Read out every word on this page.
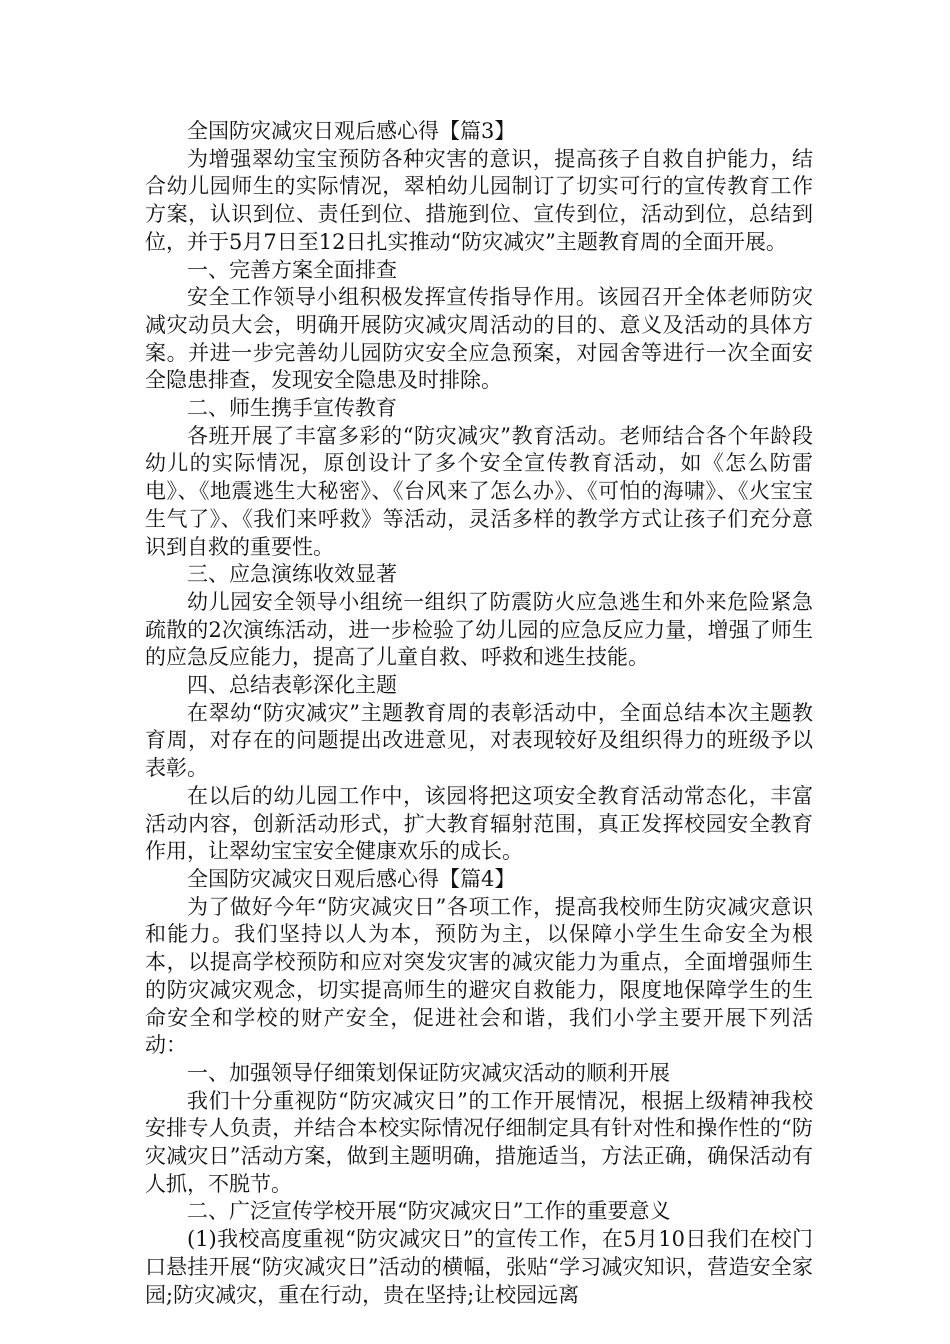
全国防灾减灾日观后感心得【篇3】

为增强翠幼宝宝预防各种灾害的意识，提高孩子自救自护能力，结合幼儿园师生的实际情况，翠柏幼儿园制订了切实可行的宣传教育工作方案，认识到位、责任到位、措施到位、宣传到位，活动到位，总结到位，并于5月7日至12日扎实推动“防灾减灾”主题教育周的全面开展。

一、完善方案全面排查

安全工作领导小组积极发挥宣传指导作用。该园召开全体老师防灾减灾动员大会，明确开展防灾减灾周活动的目的、意义及活动的具体方案。并进一步完善幼儿园防灾安全应急预案，对园舍等进行一次全面安全隐患排查，发现安全隐患及时排除。

二、师生携手宣传教育

各班开展了丰富多彩的“防灾减灾”教育活动。老师结合各个年龄段幼儿的实际情况，原创设计了多个安全宣传教育活动，如《怎么防雷电》、《地震逃生大秘密》、《台风来了怎么办》、《可怕的海啸》、《火宝宝生气了》、《我们来呼救》等活动，灵活多样的教学方式让孩子们充分意识到自救的重要性。

三、应急演练收效显著

幼儿园安全领导小组统一组织了防震防火应急逃生和外来危险紧急疏散的2次演练活动，进一步检验了幼儿园的应急反应力量，增强了师生的应急反应能力，提高了儿童自救、呼救和逃生技能。

四、总结表彰深化主题

在翠幼“防灾减灾”主题教育周的表彰活动中，全面总结本次主题教育周，对存在的问题提出改进意见，对表现较好及组织得力的班级予以表彰。

在以后的幼儿园工作中，该园将把这项安全教育活动常态化，丰富活动内容，创新活动形式，扩大教育辐射范围，真正发挥校园安全教育作用，让翠幼宝宝安全健康欢乐的成长。

全国防灾减灾日观后感心得【篇4】

为了做好今年“防灾减灾日”各项工作，提高我校师生防灾减灾意识和能力。我们坚持以人为本，预防为主，以保障小学生生命安全为根本，以提高学校预防和应对突发灾害的减灾能力为重点，全面增强师生的防灾减灾观念，切实提高师生的避灾自救能力，限度地保障学生的生命安全和学校的财产安全，促进社会和谐，我们小学主要开展下列活动：

一、加强领导仔细策划保证防灾减灾活动的顺利开展

我们十分重视防“防灾减灾日”的工作开展情况，根据上级精神我校安排专人负责，并结合本校实际情况仔细制定具有针对性和操作性的“防灾减灾日”活动方案，做到主题明确，措施适当，方法正确，确保活动有人抓，不脱节。

二、广泛宣传学校开展“防灾减灾日”工作的重要意义

(1)我校高度重视“防灾减灾日”的宣传工作，在5月10日我们在校门口悬挂开展“防灾减灾日”活动的横幅，张贴“学习减灾知识，营造安全家园;防灾减灾，重在行动，贵在坚持;让校园远离
